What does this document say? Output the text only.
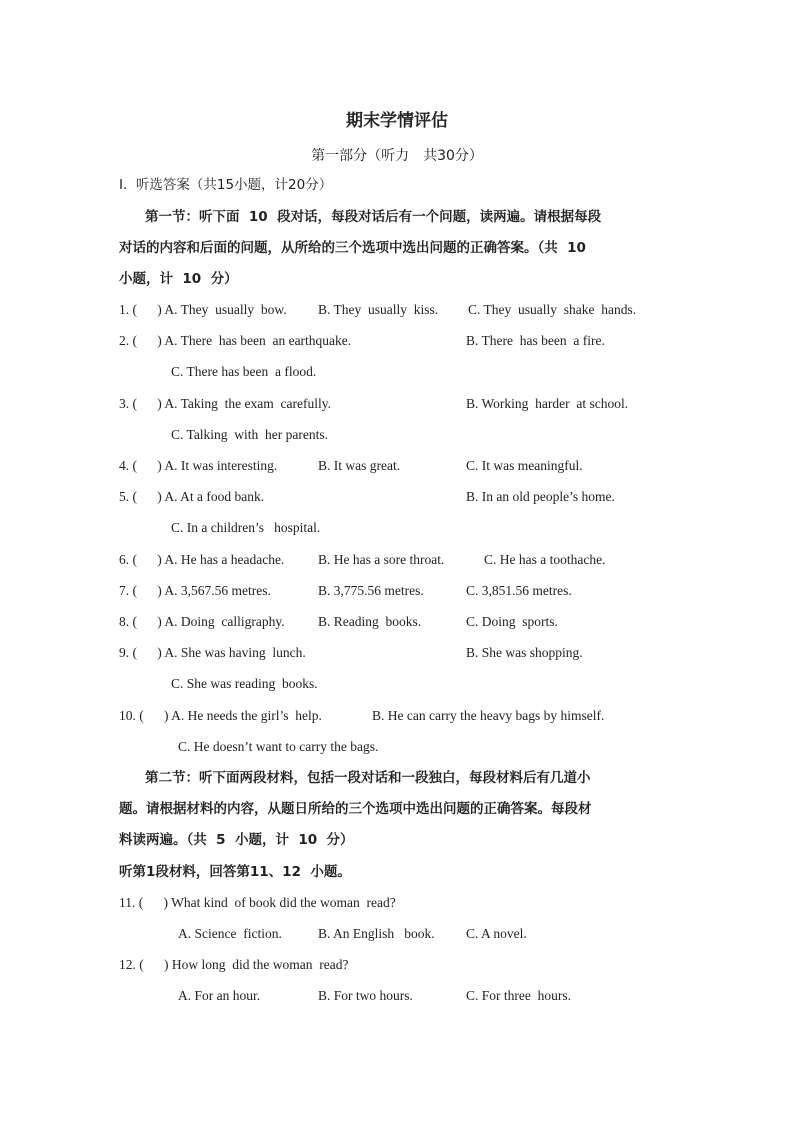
期末学情评估
第一部分（听力　共30分）
I.  听选答案（共15小题，计20分）
第一节：听下面  10  段对话，每段对话后有一个问题，读两遍。请根据每段
对话的内容和后面的问题，从所给的三个选项中选出问题的正确答案。（共  10
小题，计  10  分）
1. (      ) A. They  usually  bow. B. They  usually  kiss. C. They  usually  shake  hands.
2. (      ) A. There  has been  an earthquake.	B. There  has been  a fire.
C. There has been  a flood.
3. (      ) A. Taking  the exam  carefully.	B. Working  harder  at school.
C. Talking  with  her parents.
4. (      ) A. It was interesting.	B. It was great.	C. It was meaningful.
5. (      ) A. At a food bank.	B. In an old people’s home.
C. In a children’s   hospital.
6. (      ) A. He has a headache. B. He has a sore throat.	C. He has a toothache.
7. (      ) A. 3,567.56 metres.	B. 3,775.56 metres.	C. 3,851.56 metres.
8. (      ) A. Doing  calligraphy. B. Reading  books.	C. Doing  sports.
9. (      ) A. She was having  lunch.	B. She was shopping.
C. She was reading  books.
10. (      ) A. He needs the girl’s  help.	B. He can carry the heavy bags by himself.
C. He doesn’t want to carry the bags.
第二节：听下面两段材料，包括一段对话和一段独白，每段材料后有几道小
题。请根据材料的内容，从题日所给的三个选项中选出问题的正确答案。每段材
料读两遍。（共  5  小题，计  10  分）
听第1段材料，回答第11、12  小题。
11. (      ) What kind  of book did the woman  read?
A. Science  fiction.	B. An English   book. C. A novel.
12. (      ) How long  did the woman  read?
A. For an hour.	B. For two hours.	C. For three  hours.
